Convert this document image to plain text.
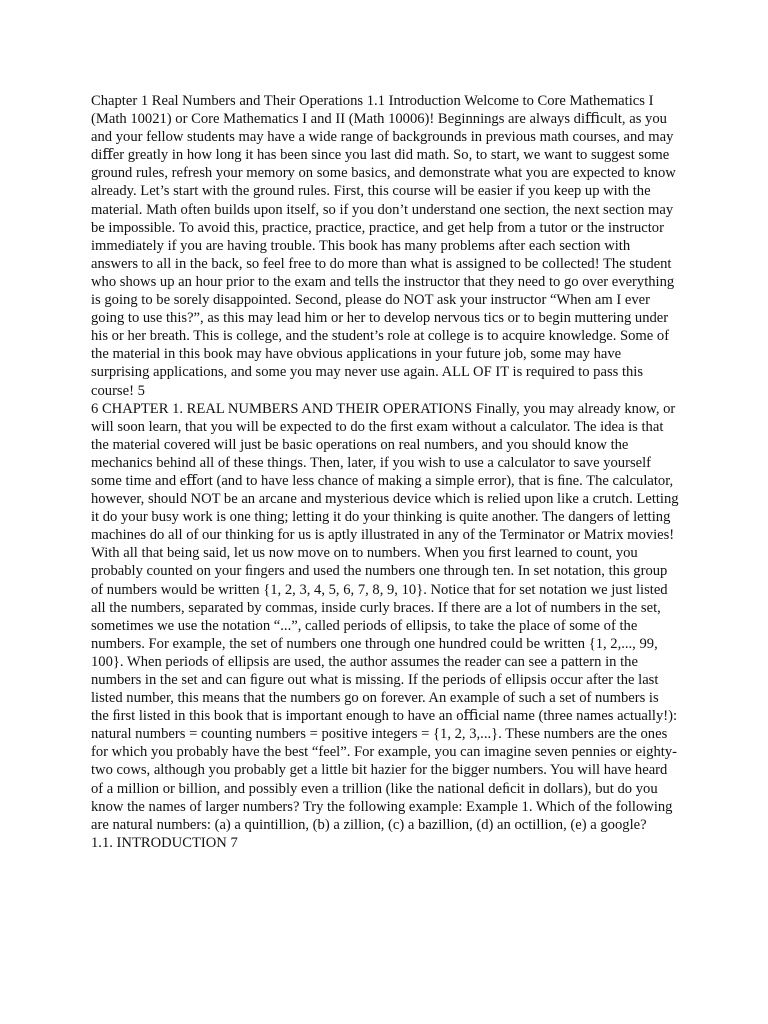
Chapter 1 Real Numbers and Their Operations 1.1 Introduction Welcome to Core Mathematics I (Math 10021) or Core Mathematics I and II (Math 10006)! Beginnings are always diﬃcult, as you and your fellow students may have a wide range of backgrounds in previous math courses, and may diﬀer greatly in how long it has been since you last did math. So, to start, we want to suggest some ground rules, refresh your memory on some basics, and demonstrate what you are expected to know already. Let’s start with the ground rules. First, this course will be easier if you keep up with the material. Math often builds upon itself, so if you don’t understand one section, the next section may be impossible. To avoid this, practice, practice, practice, and get help from a tutor or the instructor immediately if you are having trouble. This book has many problems after each section with answers to all in the back, so feel free to do more than what is assigned to be collected! The student who shows up an hour prior to the exam and tells the instructor that they need to go over everything is going to be sorely disappointed. Second, please do NOT ask your instructor “When am I ever going to use this?”, as this may lead him or her to develop nervous tics or to begin muttering under his or her breath. This is college, and the student’s role at college is to acquire knowledge. Some of the material in this book may have obvious applications in your future job, some may have surprising applications, and some you may never use again. ALL OF IT is required to pass this course! 5

6 CHAPTER 1. REAL NUMBERS AND THEIR OPERATIONS Finally, you may already know, or will soon learn, that you will be expected to do the ﬁrst exam without a calculator. The idea is that the material covered will just be basic operations on real numbers, and you should know the mechanics behind all of these things. Then, later, if you wish to use a calculator to save yourself some time and eﬀort (and to have less chance of making a simple error), that is ﬁne. The calculator, however, should NOT be an arcane and mysterious device which is relied upon like a crutch. Letting it do your busy work is one thing; letting it do your thinking is quite another. The dangers of letting machines do all of our thinking for us is aptly illustrated in any of the Terminator or Matrix movies! With all that being said, let us now move on to numbers. When you ﬁrst learned to count, you probably counted on your ﬁngers and used the numbers one through ten. In set notation, this group of numbers would be written {1, 2, 3, 4, 5, 6, 7, 8, 9, 10}. Notice that for set notation we just listed all the numbers, separated by commas, inside curly braces. If there are a lot of numbers in the set, sometimes we use the notation “...”, called periods of ellipsis, to take the place of some of the numbers. For example, the set of numbers one through one hundred could be written {1, 2,..., 99, 100}. When periods of ellipsis are used, the author assumes the reader can see a pattern in the numbers in the set and can ﬁgure out what is missing. If the periods of ellipsis occur after the last listed number, this means that the numbers go on forever. An example of such a set of numbers is the ﬁrst listed in this book that is important enough to have an oﬃcial name (three names actually!): natural numbers = counting numbers = positive integers = {1, 2, 3,...}. These numbers are the ones for which you probably have the best “feel”. For example, you can imagine seven pennies or eighty-two cows, although you probably get a little bit hazier for the bigger numbers. You will have heard of a million or billion, and possibly even a trillion (like the national deﬁcit in dollars), but do you know the names of larger numbers? Try the following example: Example 1. Which of the following are natural numbers: (a) a quintillion, (b) a zillion, (c) a bazillion, (d) an octillion, (e) a google?

1.1. INTRODUCTION 7
